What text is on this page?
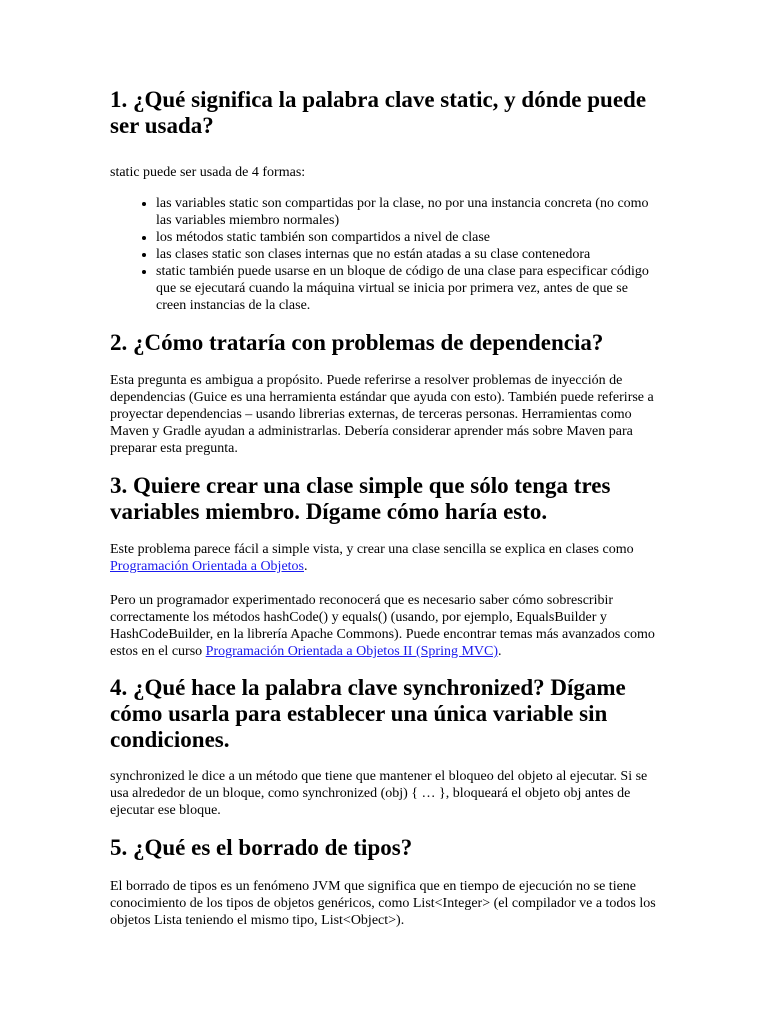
1. ¿Qué significa la palabra clave static, y dónde puede ser usada?

static puede ser usada de 4 formas:

• las variables static son compartidas por la clase, no por una instancia concreta (no como las variables miembro normales)
• los métodos static también son compartidos a nivel de clase
• las clases static son clases internas que no están atadas a su clase contenedora
• static también puede usarse en un bloque de código de una clase para especificar código que se ejecutará cuando la máquina virtual se inicia por primera vez, antes de que se creen instancias de la clase.
2. ¿Cómo trataría con problemas de dependencia?

Esta pregunta es ambigua a propósito. Puede referirse a resolver problemas de inyección de dependencias (Guice es una herramienta estándar que ayuda con esto). También puede referirse a proyectar dependencias – usando librerias externas, de terceras personas. Herramientas como Maven y Gradle ayudan a administrarlas. Debería considerar aprender más sobre Maven para preparar esta pregunta.

3. Quiere crear una clase simple que sólo tenga tres variables miembro. Dígame cómo haría esto.

Este problema parece fácil a simple vista, y crear una clase sencilla se explica en clases como Programación Orientada a Objetos.

Pero un programador experimentado reconocerá que es necesario saber cómo sobrescribir correctamente los métodos hashCode() y equals() (usando, por ejemplo, EqualsBuilder y HashCodeBuilder, en la librería Apache Commons). Puede encontrar temas más avanzados como estos en el curso Programación Orientada a Objetos II (Spring MVC).

4. ¿Qué hace la palabra clave synchronized? Dígame cómo usarla para establecer una única variable sin condiciones.

synchronized le dice a un método que tiene que mantener el bloqueo del objeto al ejecutar. Si se usa alrededor de un bloque, como synchronized (obj) { … }, bloqueará el objeto obj antes de ejecutar ese bloque.

5. ¿Qué es el borrado de tipos?

El borrado de tipos es un fenómeno JVM que significa que en tiempo de ejecución no se tiene conocimiento de los tipos de objetos genéricos, como List<Integer> (el compilador ve a todos los objetos Lista teniendo el mismo tipo, List<Object>).
